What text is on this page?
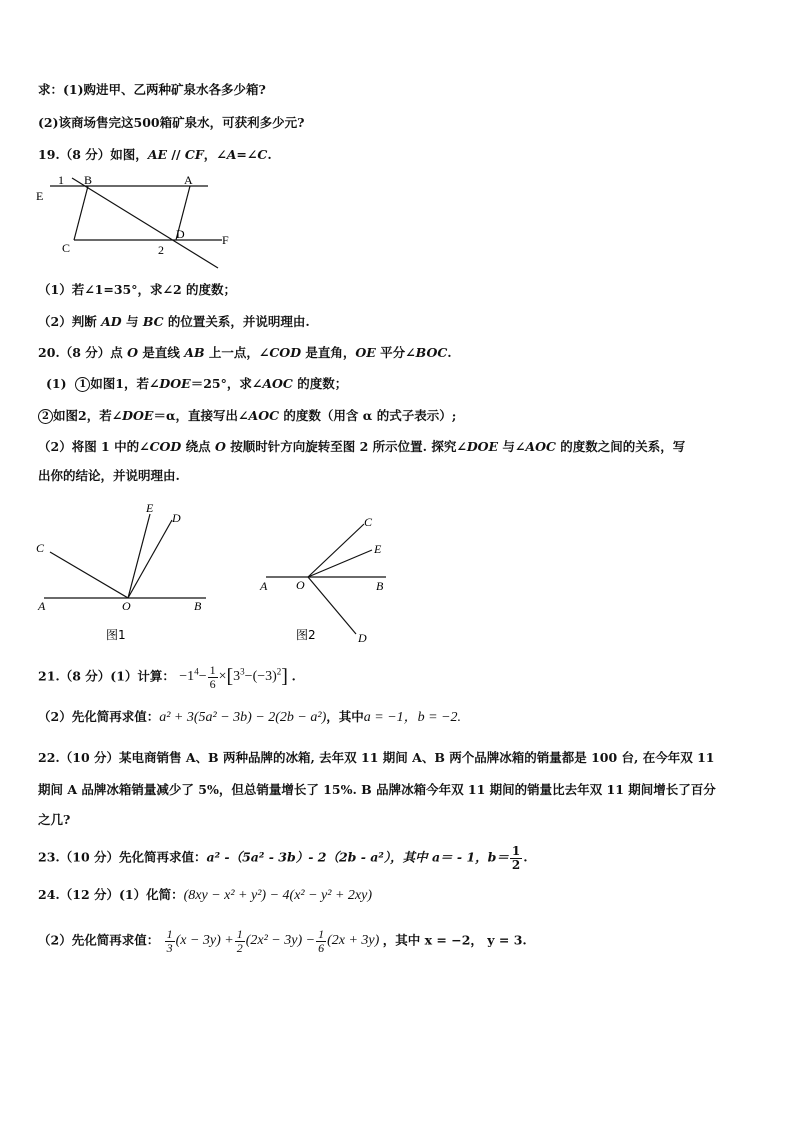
求：(1)购进甲、乙两种矿泉水各多少箱?
(2)该商场售完这500箱矿泉水，可获利多少元?
19.（8 分）如图，AE // CF，∠A=∠C.
E
1 B	A
C	2
D	F
（1）若∠1=35°，求∠2 的度数；
（2）判断 AD 与 BC 的位置关系，并说明理由.
20.（8 分）点 O 是直线 AB 上一点，∠COD 是直角，OE 平分∠BOC.
(1) 1 如图1，若∠DOE＝25°，求∠AOC 的度数；
2 如图2，若∠DOE＝α，直接写出∠AOC 的度数（用含 α 的式子表示）;
（2）将图 1 中的∠COD 绕点 O 按顺时针方向旋转至图 2 所示位置. 探究∠DOE 与∠AOC 的度数之间的关系，写
出你的结论，并说明理由.
E
D
C
A	O	B
图1
C
E
A O	B
D
图2
21.（8 分）(1）计算： $-1^4- \frac{1}{6} \times[3^3-(-3)^2]$ .
（2）先化简再求值：a² + 3(5a² − 3b) − 2(2b − a²)，其中a = −1，b = −2.
22.（10 分）某电商销售 A、B 两种品牌的冰箱, 去年双 11 期间 A、B 两个品牌冰箱的销量都是 100 台, 在今年双 11
期间 A 品牌冰箱销量减少了 5%，但总销量增长了 15%. B 品牌冰箱今年双 11 期间的销量比去年双 11 期间增长了百分
之几?
23.（10 分）先化简再求值：a² -（5a² - 3b）- 2（2b - a²），其中 a＝ - 1，$b= \frac{1}{2}$ .
24.（12 分）(1）化简：(8xy − x² + y²) − 4(x² − y² + 2xy)
（2）先化简再求值： $\frac{1}{3} (x - 3y) + \frac{1}{2} (2x^2 - 3y) - \frac{1}{6} (2x + 3y)$ ，其中 x = −2， y = 3.
